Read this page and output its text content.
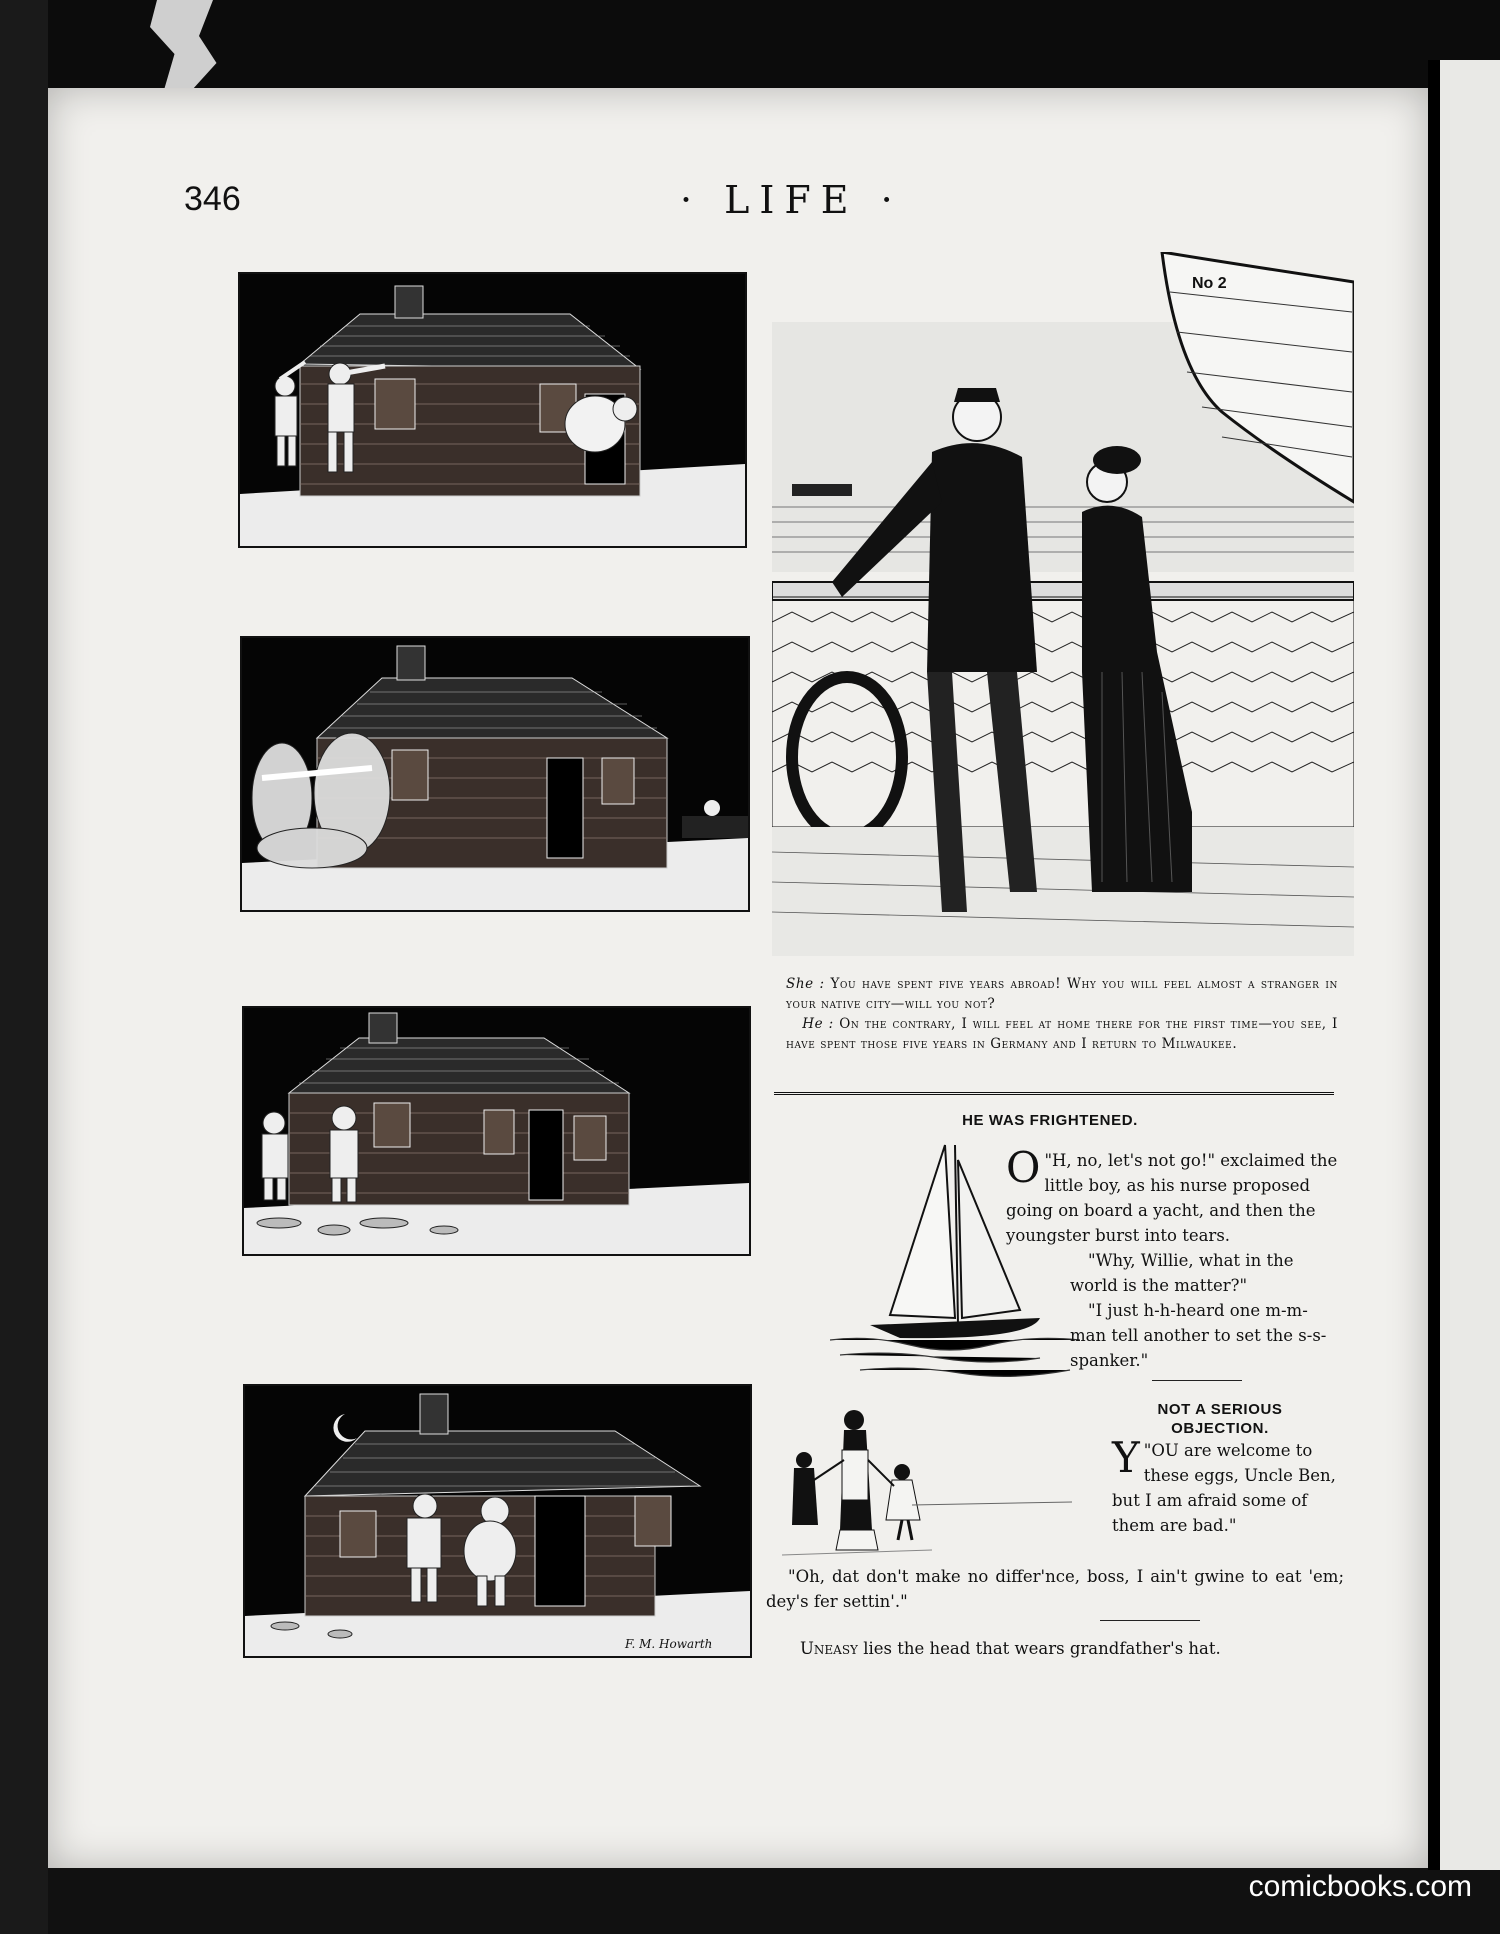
346	· LIFE ·
F. M. Howarth
No 2

She : You have spent five years abroad! Why you will feel almost a stranger in your native city—will you not?

He : On the contrary, I will feel at home there for the first time—you see, I have spent those five years in Germany and I return to Milwaukee.

HE WAS FRIGHTENED.
"
O H, no, let's not go!" exclaimed the little boy, as his nurse proposed going on board a yacht, and then the youngster burst into tears.
"Why, Willie, what in the world is the matter?"
"I just h-h-heard one m-m-man tell another to set the s-s-spanker."
NOT A SERIOUS
OBJECTION.
"
Y OU are welcome to these eggs, Uncle Ben, but I am afraid some of them are bad."
"Oh, dat don't make no differ'nce, boss, I ain't gwine to eat 'em; dey's fer settin'."
Uneasy lies the head that wears grandfather's hat.
comicbooks.com
